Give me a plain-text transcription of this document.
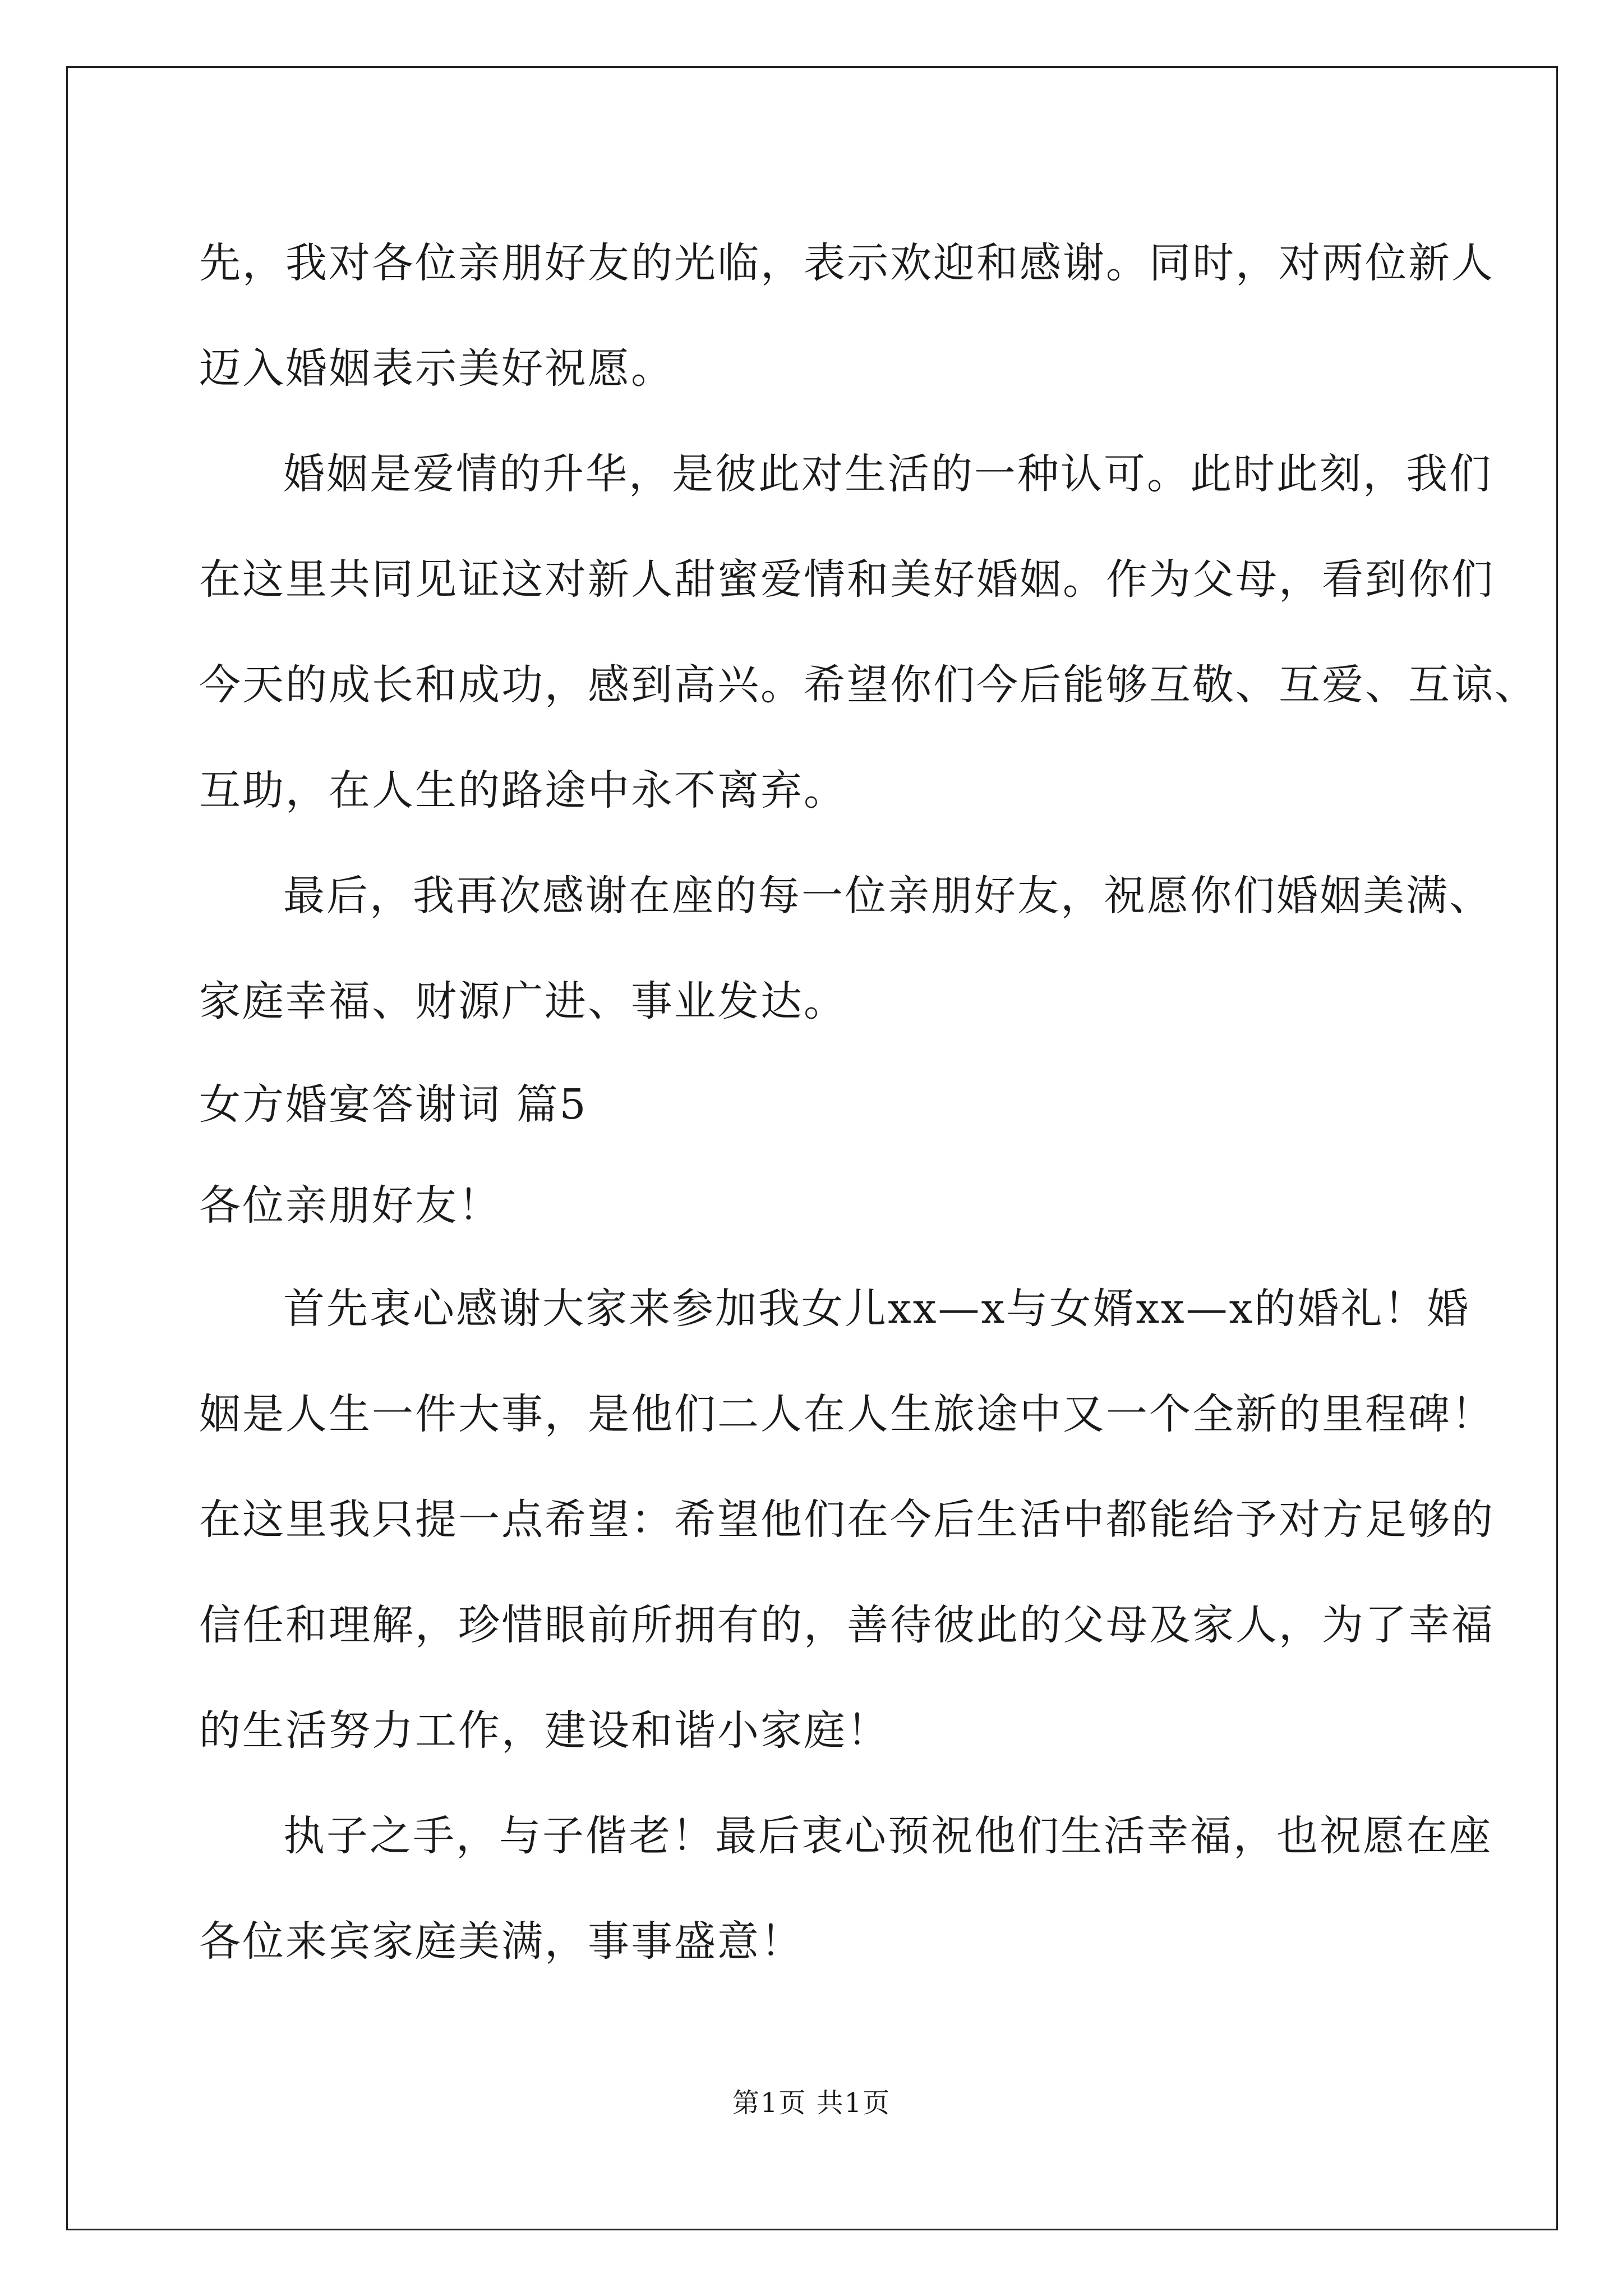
先，我对各位亲朋好友的光临，表示欢迎和感谢。同时，对两位新人
迈入婚姻表示美好祝愿。
婚姻是爱情的升华，是彼此对生活的一种认可。此时此刻，我们
在这里共同见证这对新人甜蜜爱情和美好婚姻。作为父母，看到你们
今天的成长和成功，感到高兴。希望你们今后能够互敬、互爱、互谅、
互助，在人生的路途中永不离弃。
最后，我再次感谢在座的每一位亲朋好友，祝愿你们婚姻美满、
家庭幸福、财源广进、事业发达。
女方婚宴答谢词 篇5
各位亲朋好友！
首先衷心感谢大家来参加我女儿xx—x与女婿xx—x的婚礼！婚
姻是人生一件大事，是他们二人在人生旅途中又一个全新的里程碑！
在这里我只提一点希望：希望他们在今后生活中都能给予对方足够的
信任和理解，珍惜眼前所拥有的，善待彼此的父母及家人，为了幸福
的生活努力工作，建设和谐小家庭！
执子之手，与子偕老！最后衷心预祝他们生活幸福，也祝愿在座
各位来宾家庭美满，事事盛意！
第1页 共1页
